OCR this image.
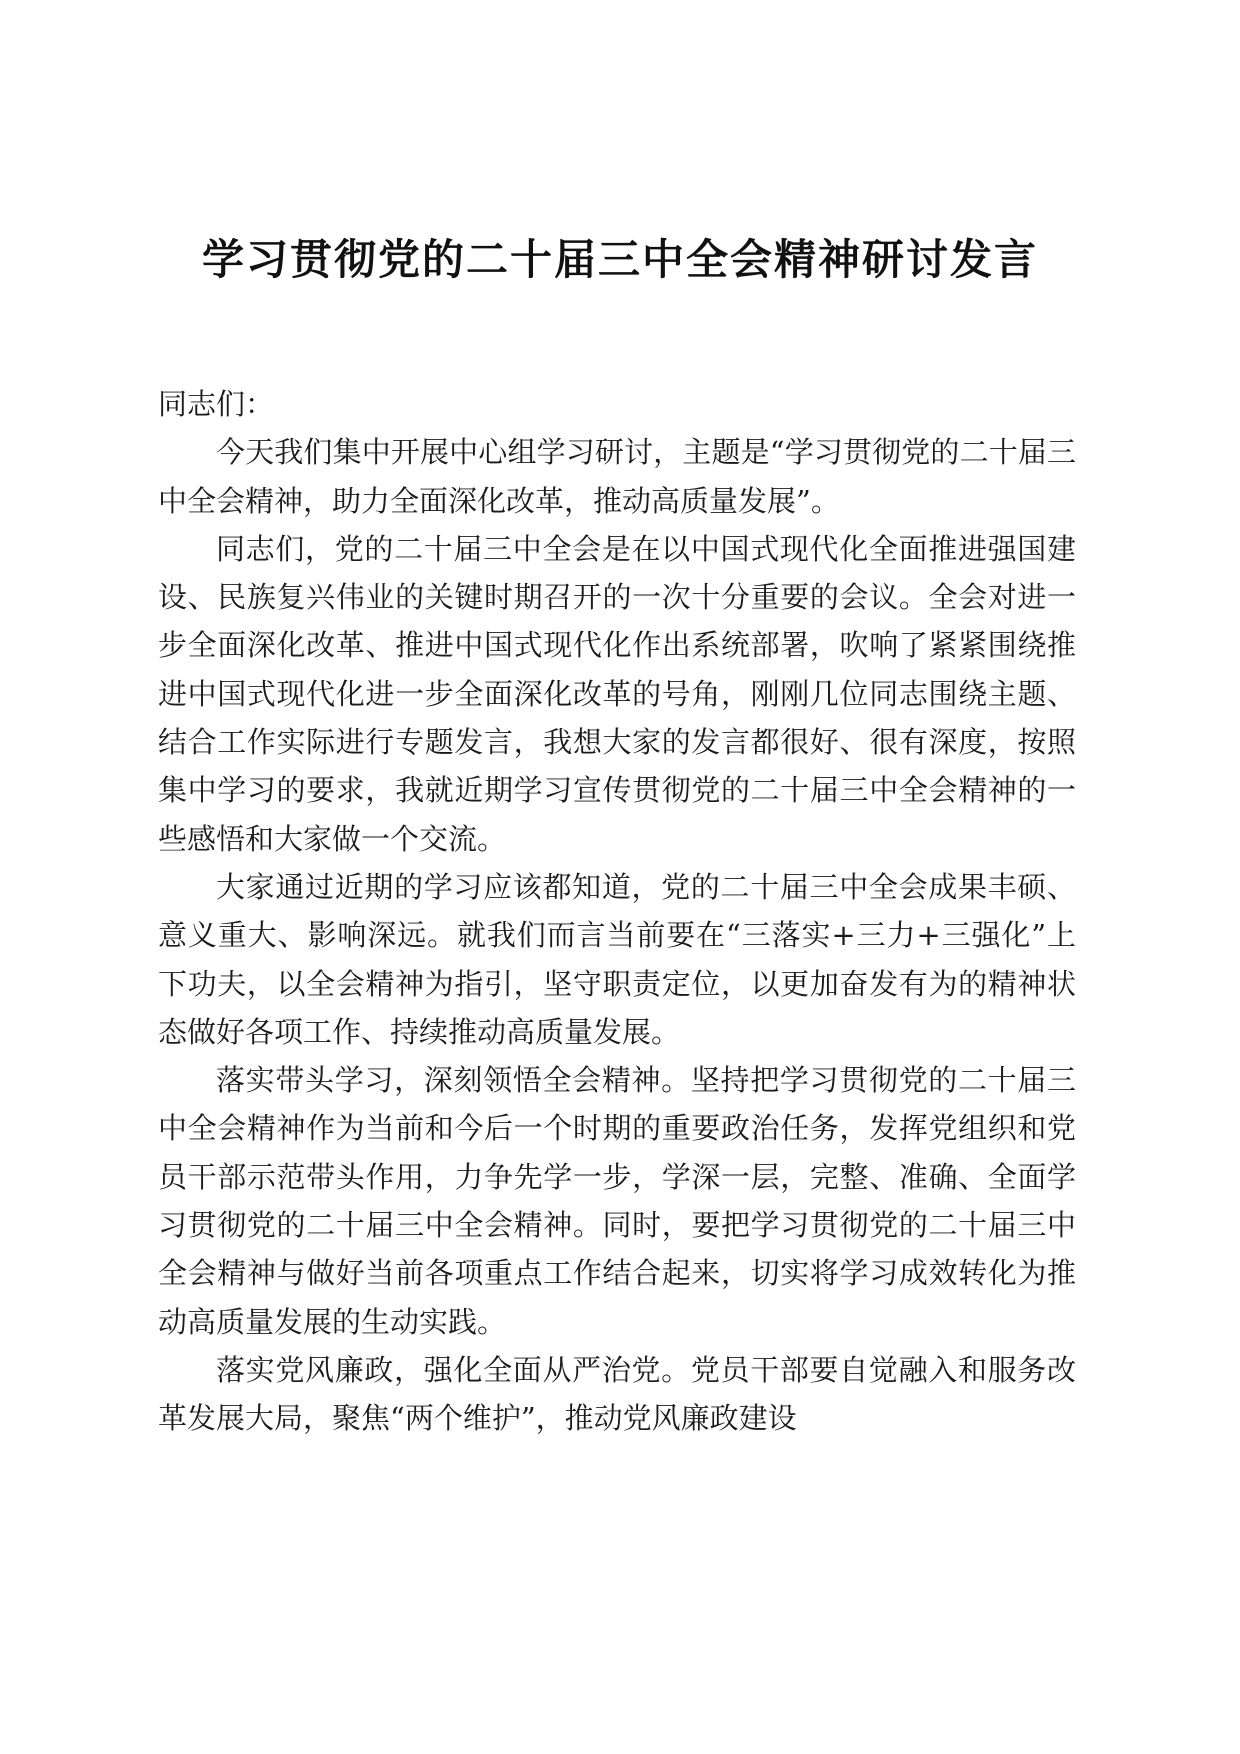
学习贯彻党的二十届三中全会精神研讨发言

同志们：

今天我们集中开展中心组学习研讨，主题是“学习贯彻党的二十届三中全会精神，助力全面深化改革，推动高质量发展”。

同志们，党的二十届三中全会是在以中国式现代化全面推进强国建设、民族复兴伟业的关键时期召开的一次十分重要的会议。全会对进一步全面深化改革、推进中国式现代化作出系统部署，吹响了紧紧围绕推进中国式现代化进一步全面深化改革的号角，刚刚几位同志围绕主题、结合工作实际进行专题发言，我想大家的发言都很好、很有深度，按照集中学习的要求，我就近期学习宣传贯彻党的二十届三中全会精神的一些感悟和大家做一个交流。

大家通过近期的学习应该都知道，党的二十届三中全会成果丰硕、意义重大、影响深远。就我们而言当前要在“三落实+三力+三强化”上下功夫，以全会精神为指引，坚守职责定位，以更加奋发有为的精神状态做好各项工作、持续推动高质量发展。

落实带头学习，深刻领悟全会精神。坚持把学习贯彻党的二十届三中全会精神作为当前和今后一个时期的重要政治任务，发挥党组织和党员干部示范带头作用，力争先学一步，学深一层，完整、准确、全面学习贯彻党的二十届三中全会精神。同时，要把学习贯彻党的二十届三中全会精神与做好当前各项重点工作结合起来，切实将学习成效转化为推动高质量发展的生动实践。

落实党风廉政，强化全面从严治党。党员干部要自觉融入和服务改革发展大局，聚焦“两个维护”，推动党风廉政建设
